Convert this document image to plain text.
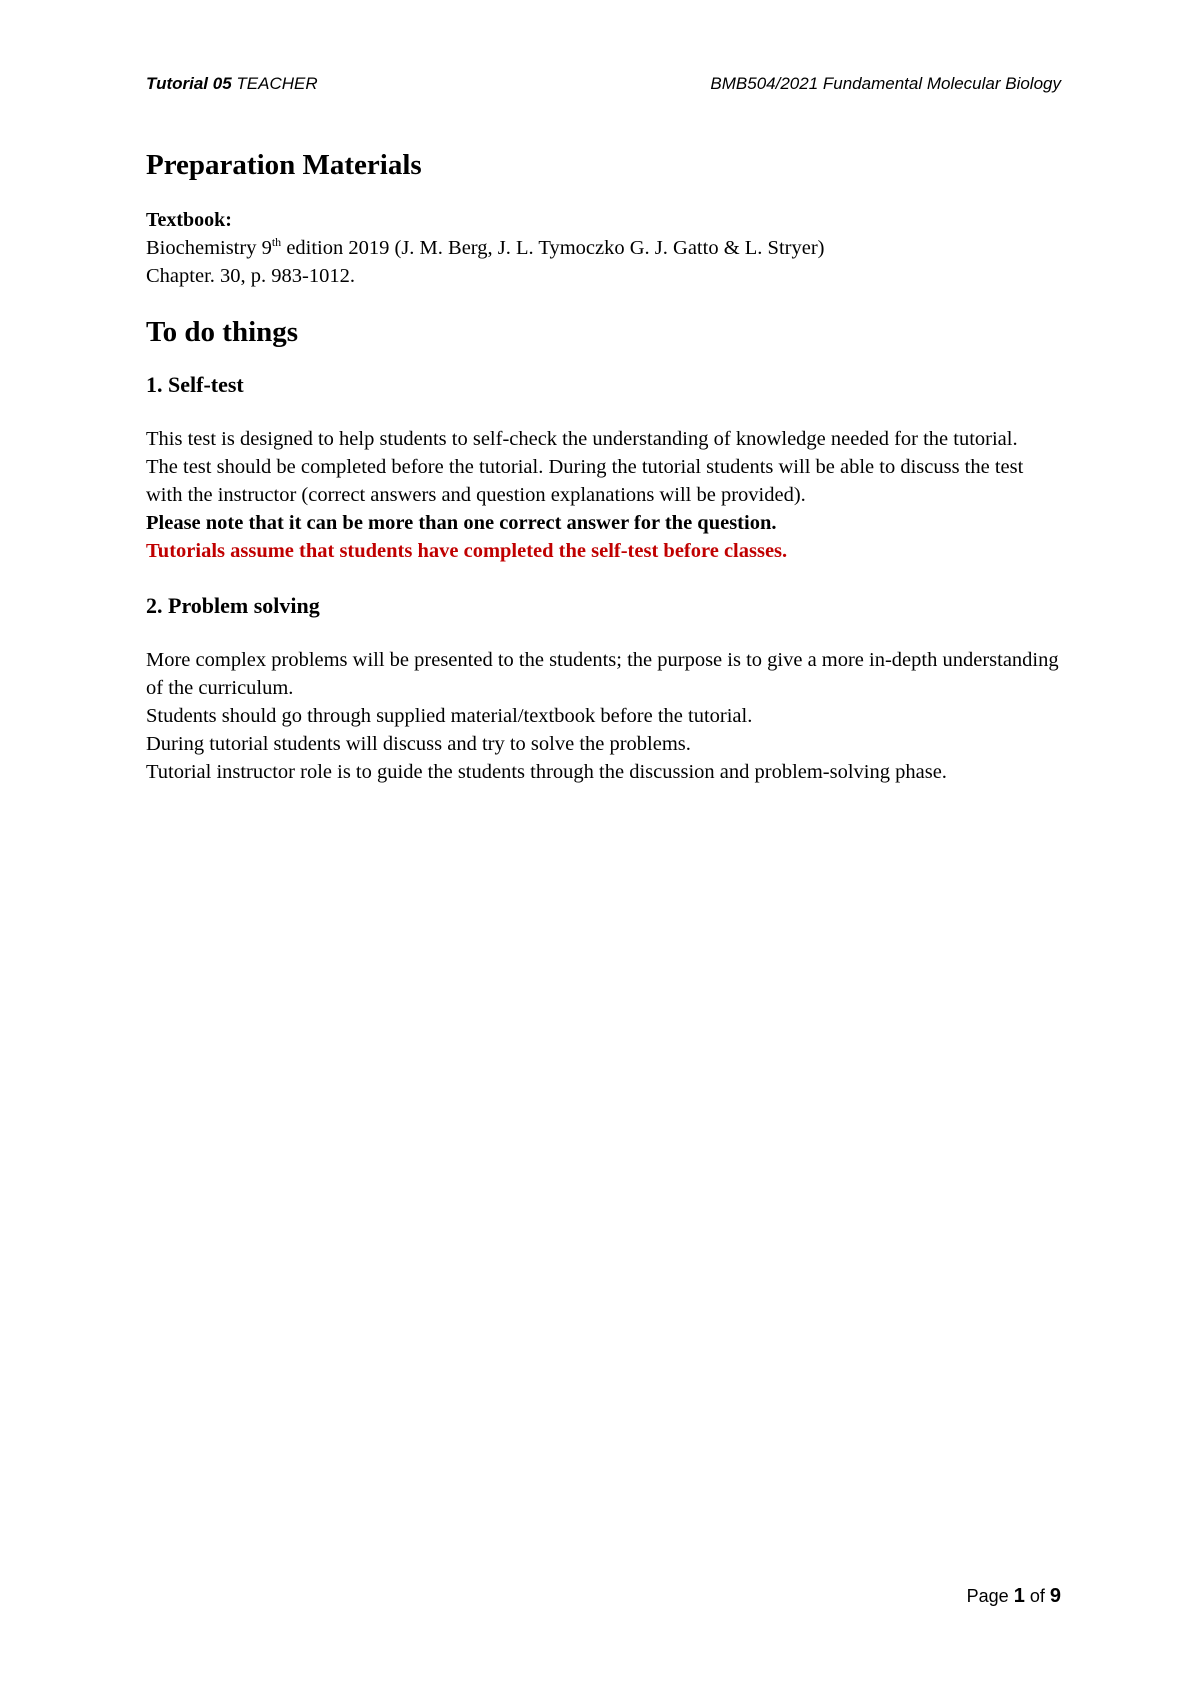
Tutorial 05 TEACHER	BMB504/2021 Fundamental Molecular Biology
Preparation Materials
Textbook:

Biochemistry 9th edition 2019 (J. M. Berg, J. L. Tymoczko G. J. Gatto & L. Stryer)

Chapter. 30, p. 983-1012.

To do things
1. Self-test

This test is designed to help students to self-check the understanding of knowledge needed for the tutorial.

The test should be completed before the tutorial. During the tutorial students will be able to discuss the test with the instructor (correct answers and question explanations will be provided).

Please note that it can be more than one correct answer for the question.

Tutorials assume that students have completed the self-test before classes.

2. Problem solving

More complex problems will be presented to the students; the purpose is to give a more in-depth understanding of the curriculum.

Students should go through supplied material/textbook before the tutorial.

During tutorial students will discuss and try to solve the problems.

Tutorial instructor role is to guide the students through the discussion and problem-solving phase.

Page 1 of 9
